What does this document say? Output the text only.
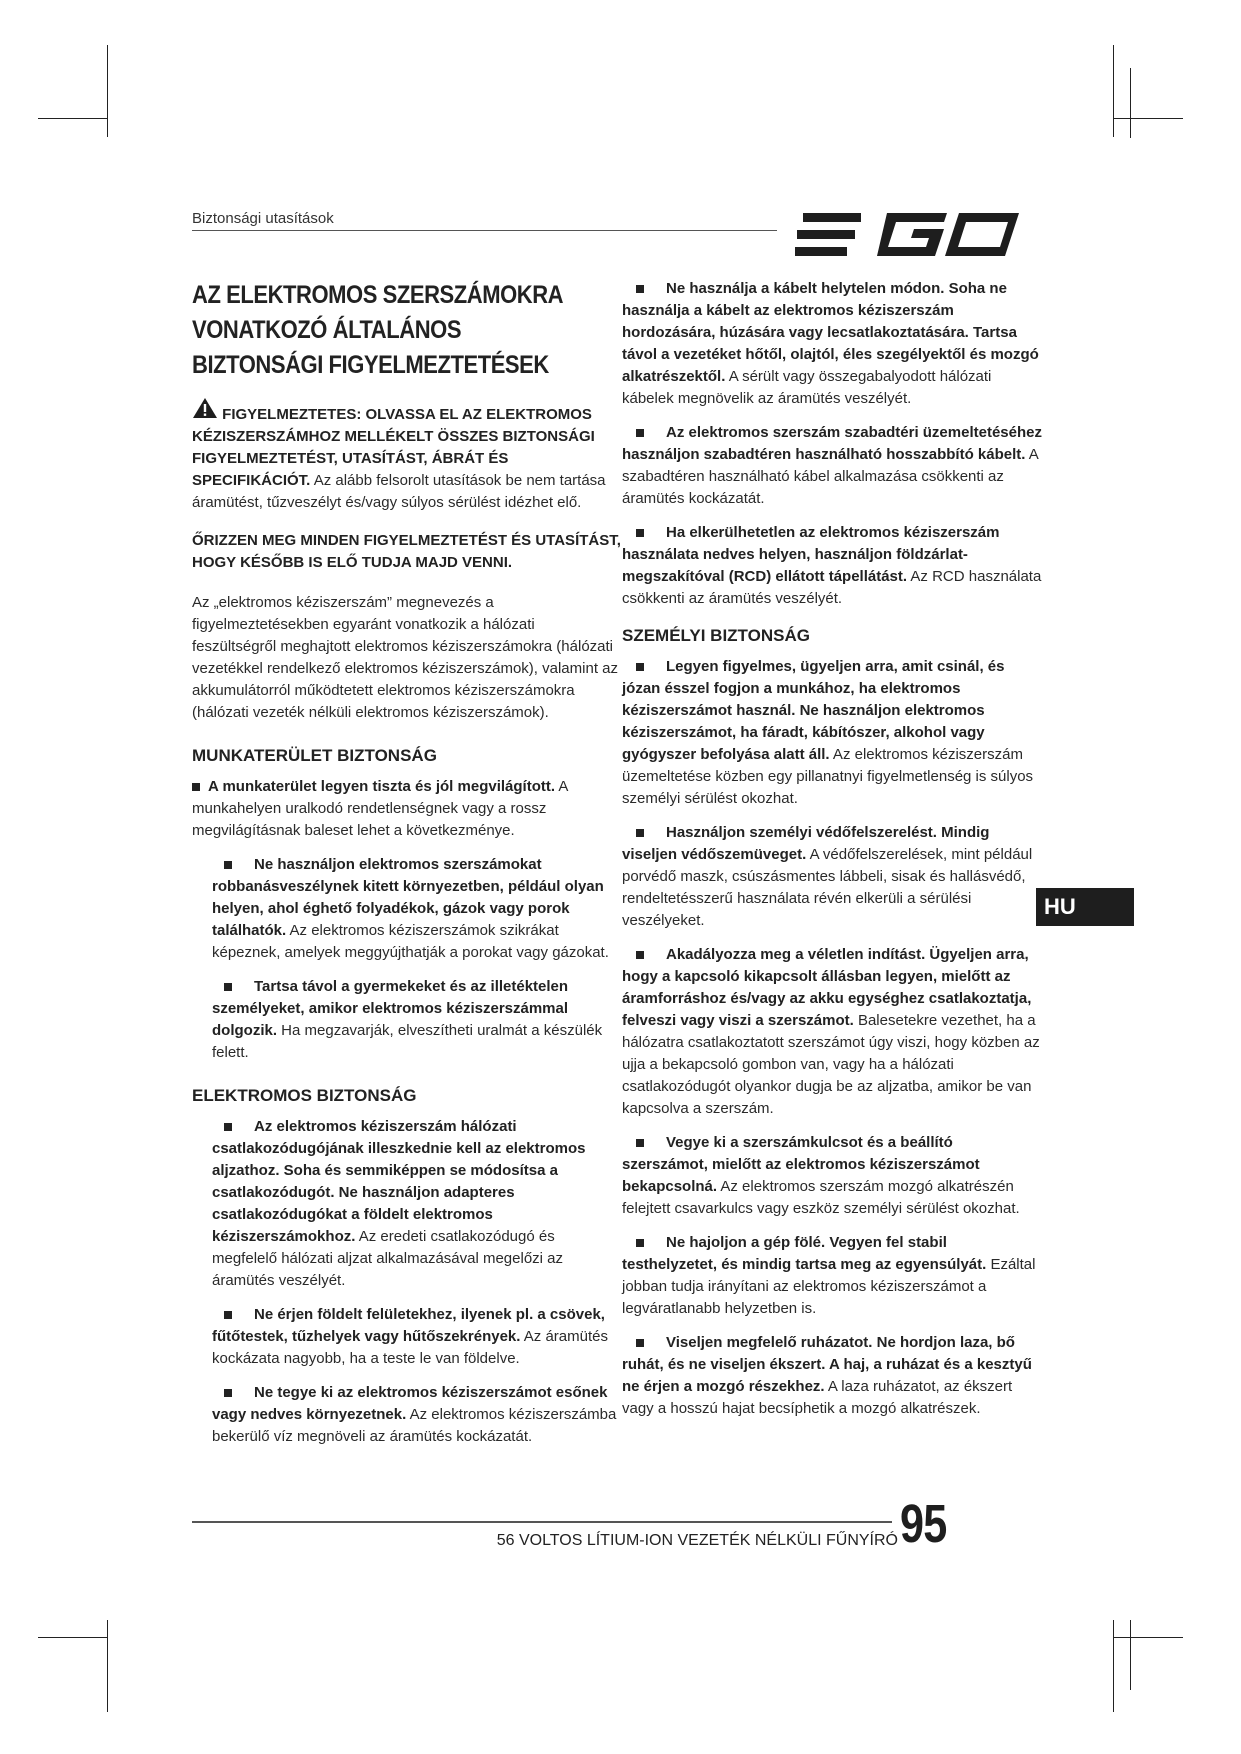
Biztonsági utasítások
AZ ELEKTROMOS SZERSZÁMOKRA VONATKOZÓ ÁLTALÁNOS BIZTONSÁGI FIGYELMEZTETÉSEK
FIGYELMEZTETES: OLVASSA EL AZ ELEKTROMOS KÉZISZERSZÁMHOZ MELLÉKELT ÖSSZES BIZTONSÁGI FIGYELMEZTETÉST, UTASÍTÁST, ÁBRÁT ÉS SPECIFIKÁCIÓT. Az alább felsorolt utasítások be nem tartása áramütést, tűzveszélyt és/vagy súlyos sérülést idézhet elő.
ŐRIZZEN MEG MINDEN FIGYELMEZTETÉST ÉS UTASÍTÁST, HOGY KÉSŐBB IS ELŐ TUDJA MAJD VENNI.

Az „elektromos kéziszerszám” megnevezés a figyelmeztetésekben egyaránt vonatkozik a hálózati feszültségről meghajtott elektromos kéziszerszámokra (hálózati vezetékkel rendelkező elektromos kéziszerszámok), valamint az akkumulátorról működtetett elektromos kéziszerszámokra (hálózati vezeték nélküli elektromos kéziszerszámok).

MUNKATERÜLET BIZTONSÁG
A munkaterület legyen tiszta és jól megvilágított. A munkahelyen uralkodó rendetlenségnek vagy a rossz megvilágításnak baleset lehet a következménye.
Ne használjon elektromos szerszámokat robbanásveszélynek kitett környezetben, például olyan helyen, ahol éghető folyadékok, gázok vagy porok találhatók. Az elektromos kéziszerszámok szikrákat képeznek, amelyek meggyújthatják a porokat vagy gázokat.
Tartsa távol a gyermekeket és az illetéktelen személyeket, amikor elektromos kéziszerszámmal dolgozik. Ha megzavarják, elveszítheti uralmát a készülék felett.
ELEKTROMOS BIZTONSÁG
Az elektromos kéziszerszám hálózati csatlakozódugójának illeszkednie kell az elektromos aljzathoz. Soha és semmiképpen se módosítsa a csatlakozódugót. Ne használjon adapteres csatlakozódugókat a földelt elektromos kéziszerszámokhoz. Az eredeti csatlakozódugó és megfelelő hálózati aljzat alkalmazásával megelőzi az áramütés veszélyét.
Ne érjen földelt felületekhez, ilyenek pl. a csövek, fűtőtestek, tűzhelyek vagy hűtőszekrények. Az áramütés kockázata nagyobb, ha a teste le van földelve.
Ne tegye ki az elektromos kéziszerszámot esőnek vagy nedves környezetnek. Az elektromos kéziszerszámba bekerülő víz megnöveli az áramütés kockázatát.
Ne használja a kábelt helytelen módon. Soha ne használja a kábelt az elektromos kéziszerszám hordozására, húzására vagy lecsatlakoztatására. Tartsa távol a vezetéket hőtől, olajtól, éles szegélyektől és mozgó alkatrészektől. A sérült vagy összegabalyodott hálózati kábelek megnövelik az áramütés veszélyét.
Az elektromos szerszám szabadtéri üzemeltetéséhez használjon szabadtéren használható hosszabbító kábelt. A szabadtéren használható kábel alkalmazása csökkenti az áramütés kockázatát.
Ha elkerülhetetlen az elektromos kéziszerszám használata nedves helyen, használjon földzárlat-megszakítóval (RCD) ellátott tápellátást. Az RCD használata csökkenti az áramütés veszélyét.
SZEMÉLYI BIZTONSÁG
Legyen figyelmes, ügyeljen arra, amit csinál, és józan ésszel fogjon a munkához, ha elektromos kéziszerszámot használ. Ne használjon elektromos kéziszerszámot, ha fáradt, kábítószer, alkohol vagy gyógyszer befolyása alatt áll. Az elektromos kéziszerszám üzemeltetése közben egy pillanatnyi figyelmetlenség is súlyos személyi sérülést okozhat.
Használjon személyi védőfelszerelést. Mindig viseljen védőszemüveget. A védőfelszerelések, mint például porvédő maszk, csúszásmentes lábbeli, sisak és hallásvédő, rendeltetésszerű használata révén elkerüli a sérülési veszélyeket.
Akadályozza meg a véletlen indítást. Ügyeljen arra, hogy a kapcsoló kikapcsolt állásban legyen, mielőtt az áramforráshoz és/vagy az akku egységhez csatlakoztatja, felveszi vagy viszi a szerszámot. Balesetekre vezethet, ha a hálózatra csatlakoztatott szerszámot úgy viszi, hogy közben az ujja a bekapcsoló gombon van, vagy ha a hálózati csatlakozódugót olyankor dugja be az aljzatba, amikor be van kapcsolva a szerszám.
Vegye ki a szerszámkulcsot és a beállító szerszámot, mielőtt az elektromos kéziszerszámot bekapcsolná. Az elektromos szerszám mozgó alkatrészén felejtett csavarkulcs vagy eszköz személyi sérülést okozhat.
Ne hajoljon a gép fölé. Vegyen fel stabil testhelyzetet, és mindig tartsa meg az egyensúlyát. Ezáltal jobban tudja irányítani az elektromos kéziszerszámot a legváratlanabb helyzetben is.
Viseljen megfelelő ruházatot. Ne hordjon laza, bő ruhát, és ne viseljen ékszert. A haj, a ruházat és a kesztyű ne érjen a mozgó részekhez. A laza ruházatot, az ékszert vagy a hosszú hajat becsíphetik a mozgó alkatrészek.
HU
56 VOLTOS LÍTIUM-ION VEZETÉK NÉLKÜLI FŰNYÍRÓ 95
